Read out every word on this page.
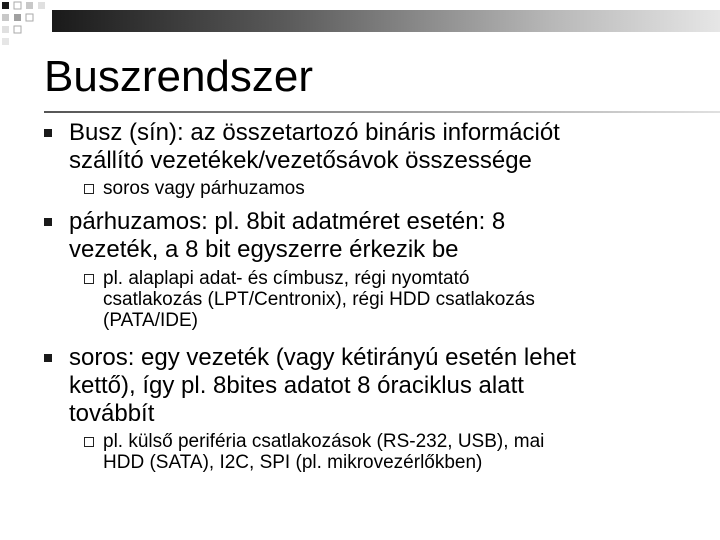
Buszrendszer
Busz (sín): az összetartozó bináris információt
szállító vezetékek/vezetősávok összessége
soros vagy párhuzamos
párhuzamos: pl. 8bit adatméret esetén: 8
vezeték, a 8 bit egyszerre érkezik be
pl. alaplapi adat- és címbusz, régi nyomtató
csatlakozás (LPT/Centronix), régi HDD csatlakozás
(PATA/IDE)
soros: egy vezeték (vagy kétirányú esetén lehet
kettő), így pl. 8bites adatot 8 óraciklus alatt
továbbít
pl. külső periféria csatlakozások (RS-232, USB), mai
HDD (SATA), I2C, SPI (pl. mikrovezérlőkben)
